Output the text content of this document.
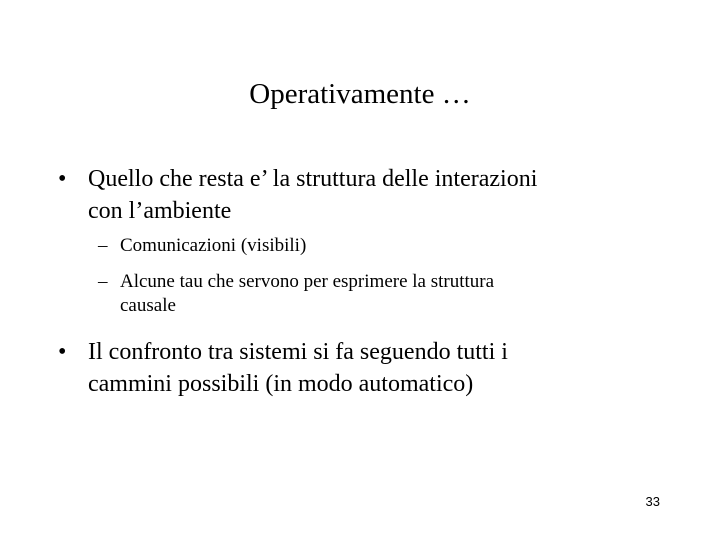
Operativamente …
• Quello che resta e’ la struttura delle interazioni
con l’ambiente
– Comunicazioni (visibili)
– Alcune tau che servono per esprimere la struttura
causale
• Il confronto tra sistemi si fa seguendo tutti i
cammini possibili (in modo automatico)
33
